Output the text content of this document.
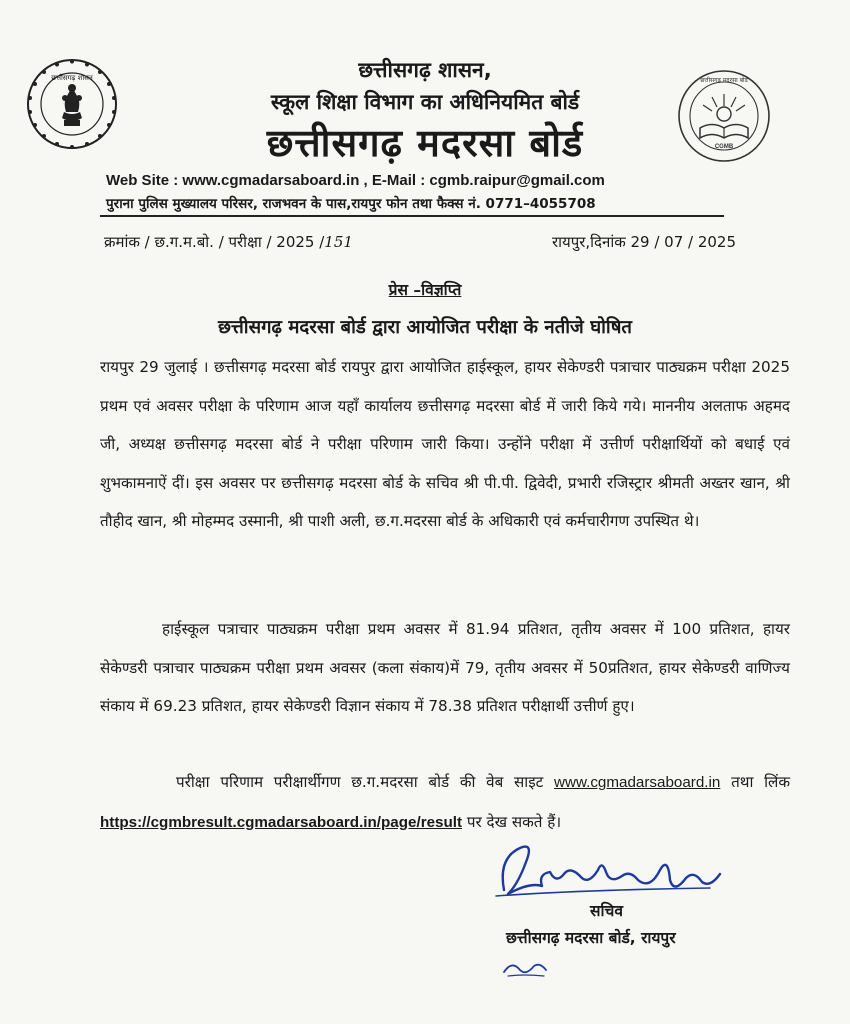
छत्तीसगढ़ शासन	छत्तीसगढ़ मदरसा बोर्ड
CGMB
छत्तीसगढ़ शासन,
स्कूल शिक्षा विभाग का अधिनियमित बोर्ड
छत्तीसगढ़ मदरसा बोर्ड
Web Site : www.cgmadarsaboard.in , E-Mail : cgmb.raipur@gmail.com
पुराना पुलिस मुख्यालय परिसर, राजभवन के पास,रायपुर फोन तथा फैक्स नं. 0771–4055708
क्रमांक / छ.ग.म.बो. / परीक्षा / 2025 /151	रायपुर,दिनांक 29 / 07 / 2025
प्रेस –विज्ञप्ति
छत्तीसगढ़ मदरसा बोर्ड द्वारा आयोजित परीक्षा के नतीजे घोषित
रायपुर 29 जुलाई । छत्तीसगढ़ मदरसा बोर्ड रायपुर द्वारा आयोजित हाईस्कूल, हायर सेकेण्डरी पत्राचार पाठ्यक्रम परीक्षा 2025 प्रथम एवं अवसर परीक्षा के परिणाम आज यहाँ कार्यालय छत्तीसगढ़ मदरसा बोर्ड में जारी किये गये। माननीय अलताफ अहमद जी, अध्यक्ष छत्तीसगढ़ मदरसा बोर्ड ने परीक्षा परिणाम जारी किया। उन्होंने परीक्षा में उत्तीर्ण परीक्षार्थियों को बधाई एवं शुभकामनाऐं दीं। इस अवसर पर छत्तीसगढ़ मदरसा बोर्ड के सचिव श्री पी.पी. द्विवेदी, प्रभारी रजिस्ट्रार श्रीमती अख्तर खान, श्री तौहीद खान, श्री मोहम्मद उस्मानी, श्री पाशी अली, छ.ग.मदरसा बोर्ड के अधिकारी एवं कर्मचारीगण उपस्थित थे।
हाईस्कूल पत्राचार पाठ्यक्रम परीक्षा प्रथम अवसर में 81.94 प्रतिशत, तृतीय अवसर में 100 प्रतिशत, हायर सेकेण्डरी पत्राचार पाठ्यक्रम परीक्षा प्रथम अवसर (कला संकाय)में 79, तृतीय अवसर में 50प्रतिशत, हायर सेकेण्डरी वाणिज्य संकाय में 69.23 प्रतिशत, हायर सेकेण्डरी विज्ञान संकाय में 78.38 प्रतिशत परीक्षार्थी उत्तीर्ण हुए।
परीक्षा परिणाम परीक्षार्थीगण छ.ग.मदरसा बोर्ड की वेब साइट www.cgmadarsaboard.in तथा लिंक https://cgmbresult.cgmadarsaboard.in/page/result पर देख सकते हैं।
सचिव
छत्तीसगढ़ मदरसा बोर्ड, रायपुर
